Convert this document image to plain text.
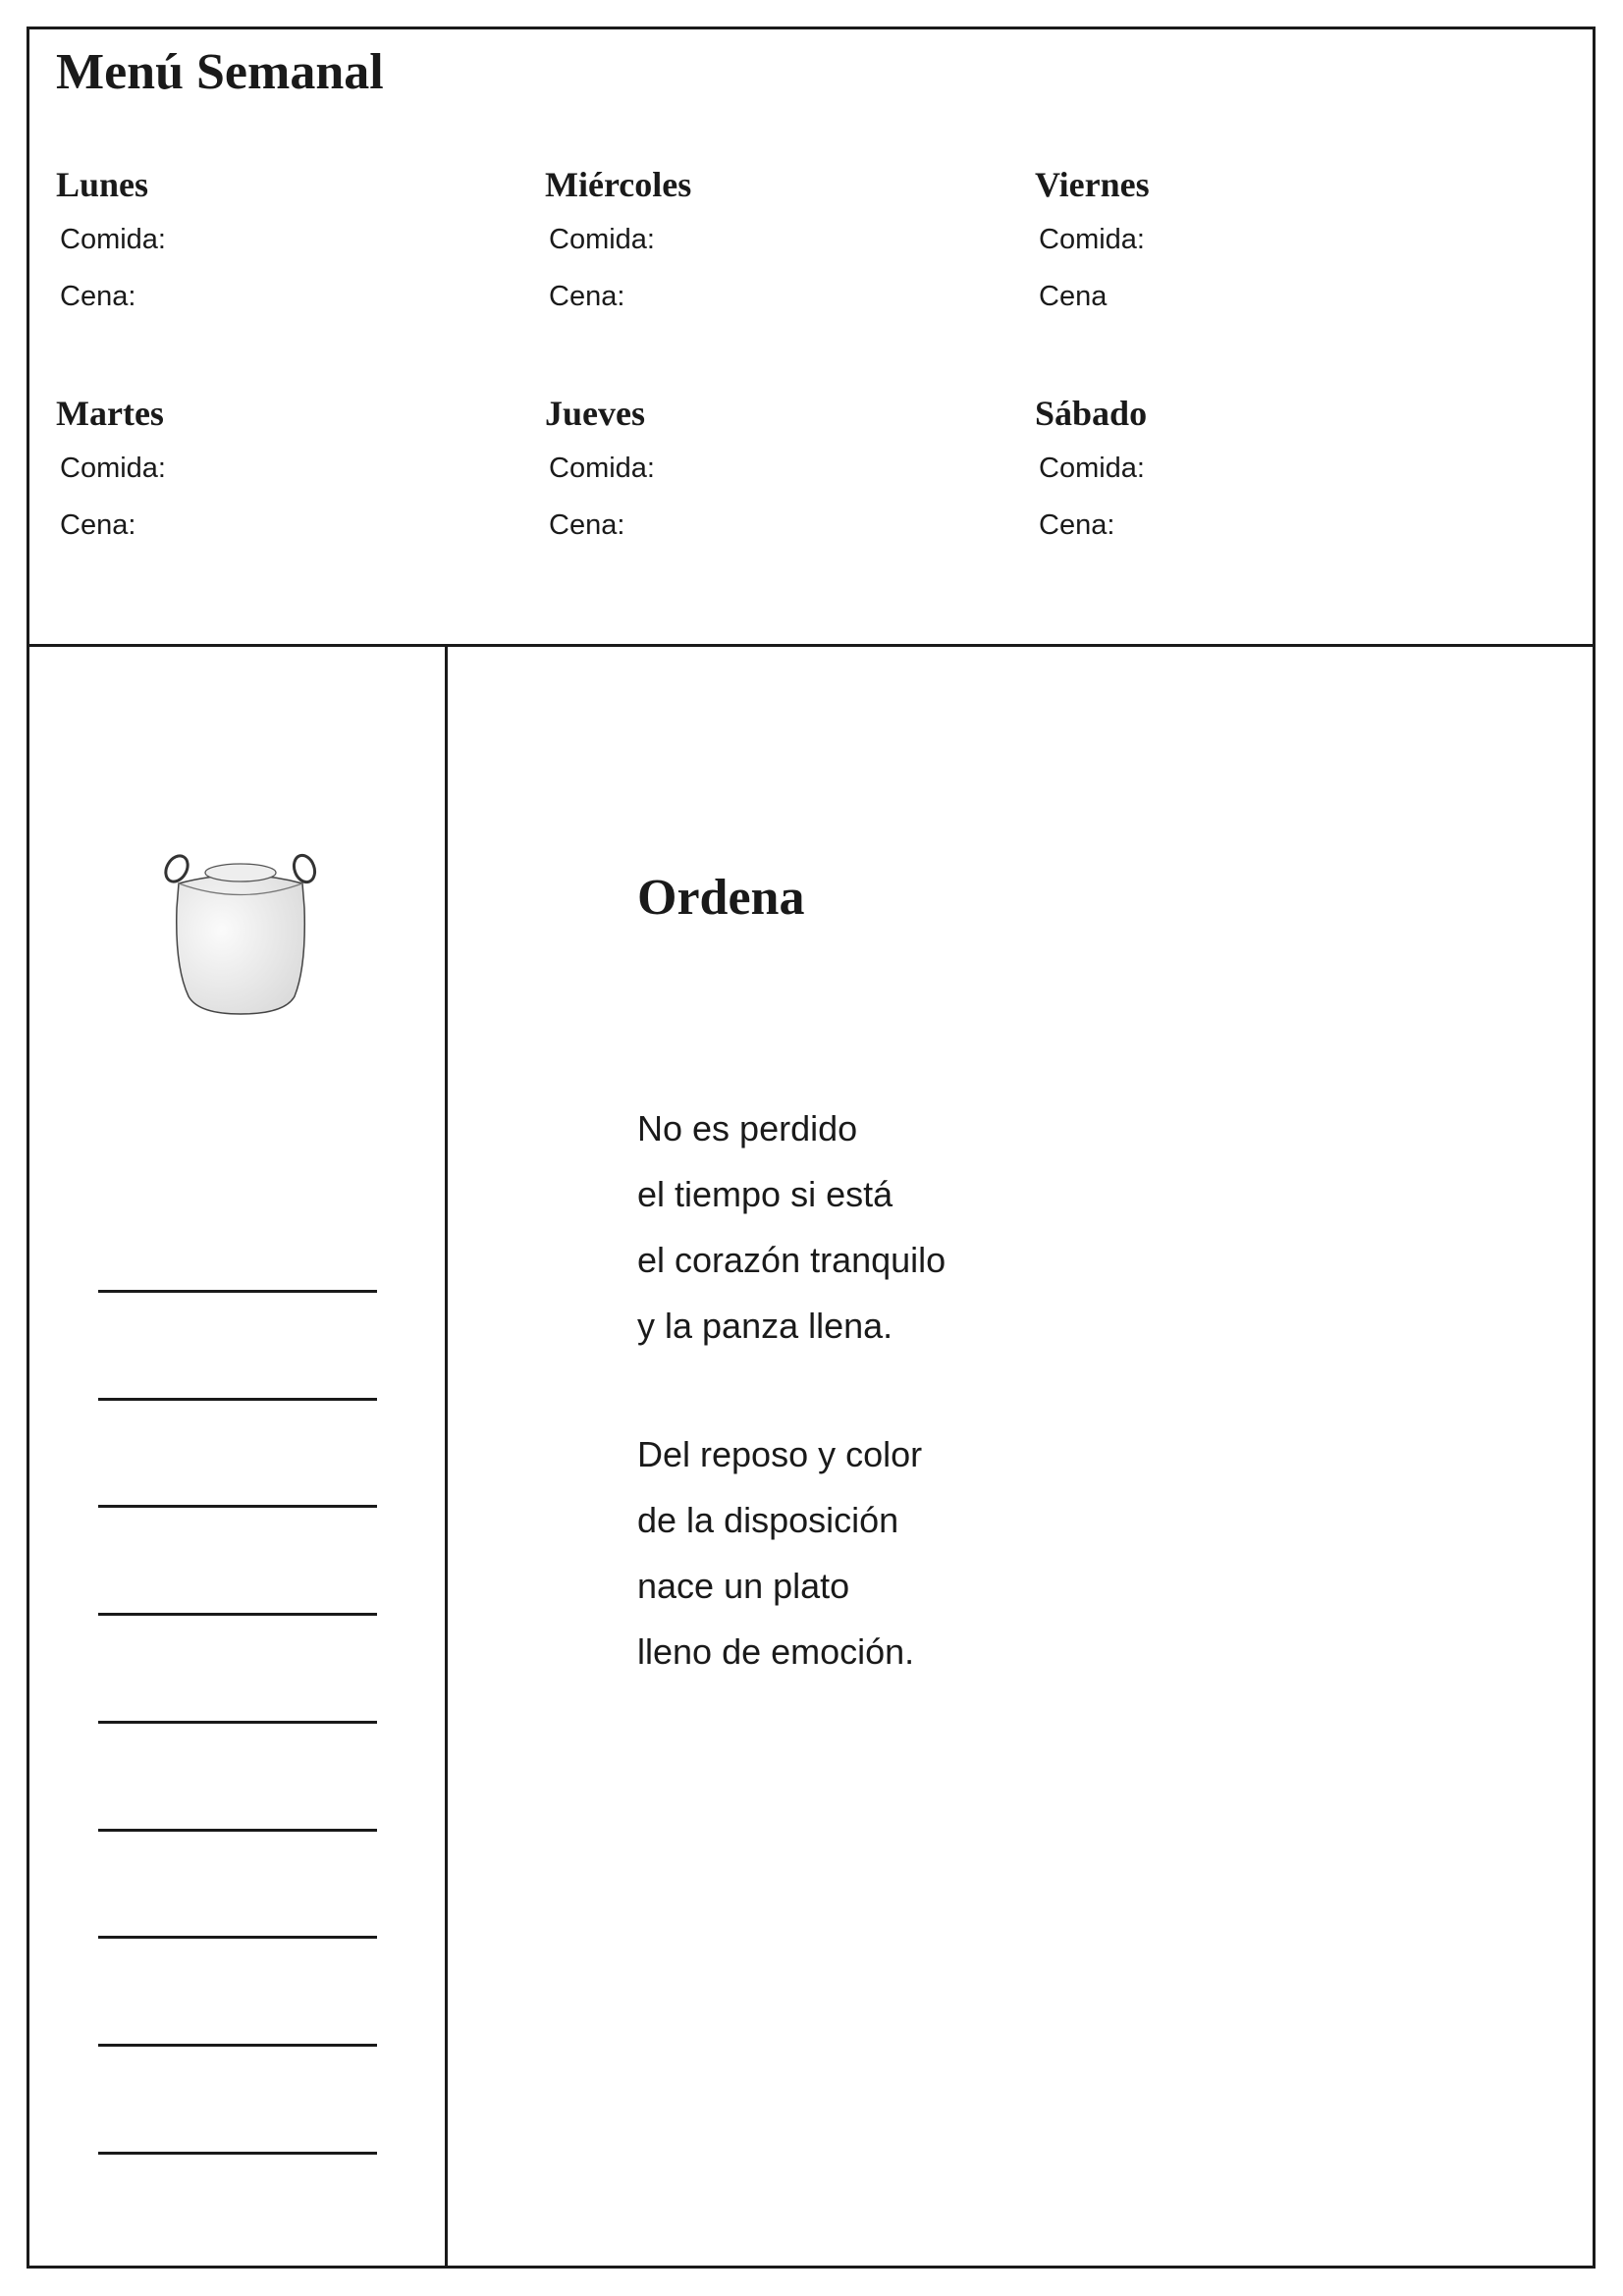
Menú Semanal
Lunes
Comida:
Cena:
Miércoles
Comida:
Cena:
Viernes
Comida:
Cena
Martes
Comida:
Cena:
Jueves
Comida:
Cena:
Sábado
Comida:
Cena:
Ordena
No es perdido
el tiempo si está
el corazón tranquilo
y la panza llena.
Del reposo y color
de la disposición
nace un plato
lleno de emoción.
